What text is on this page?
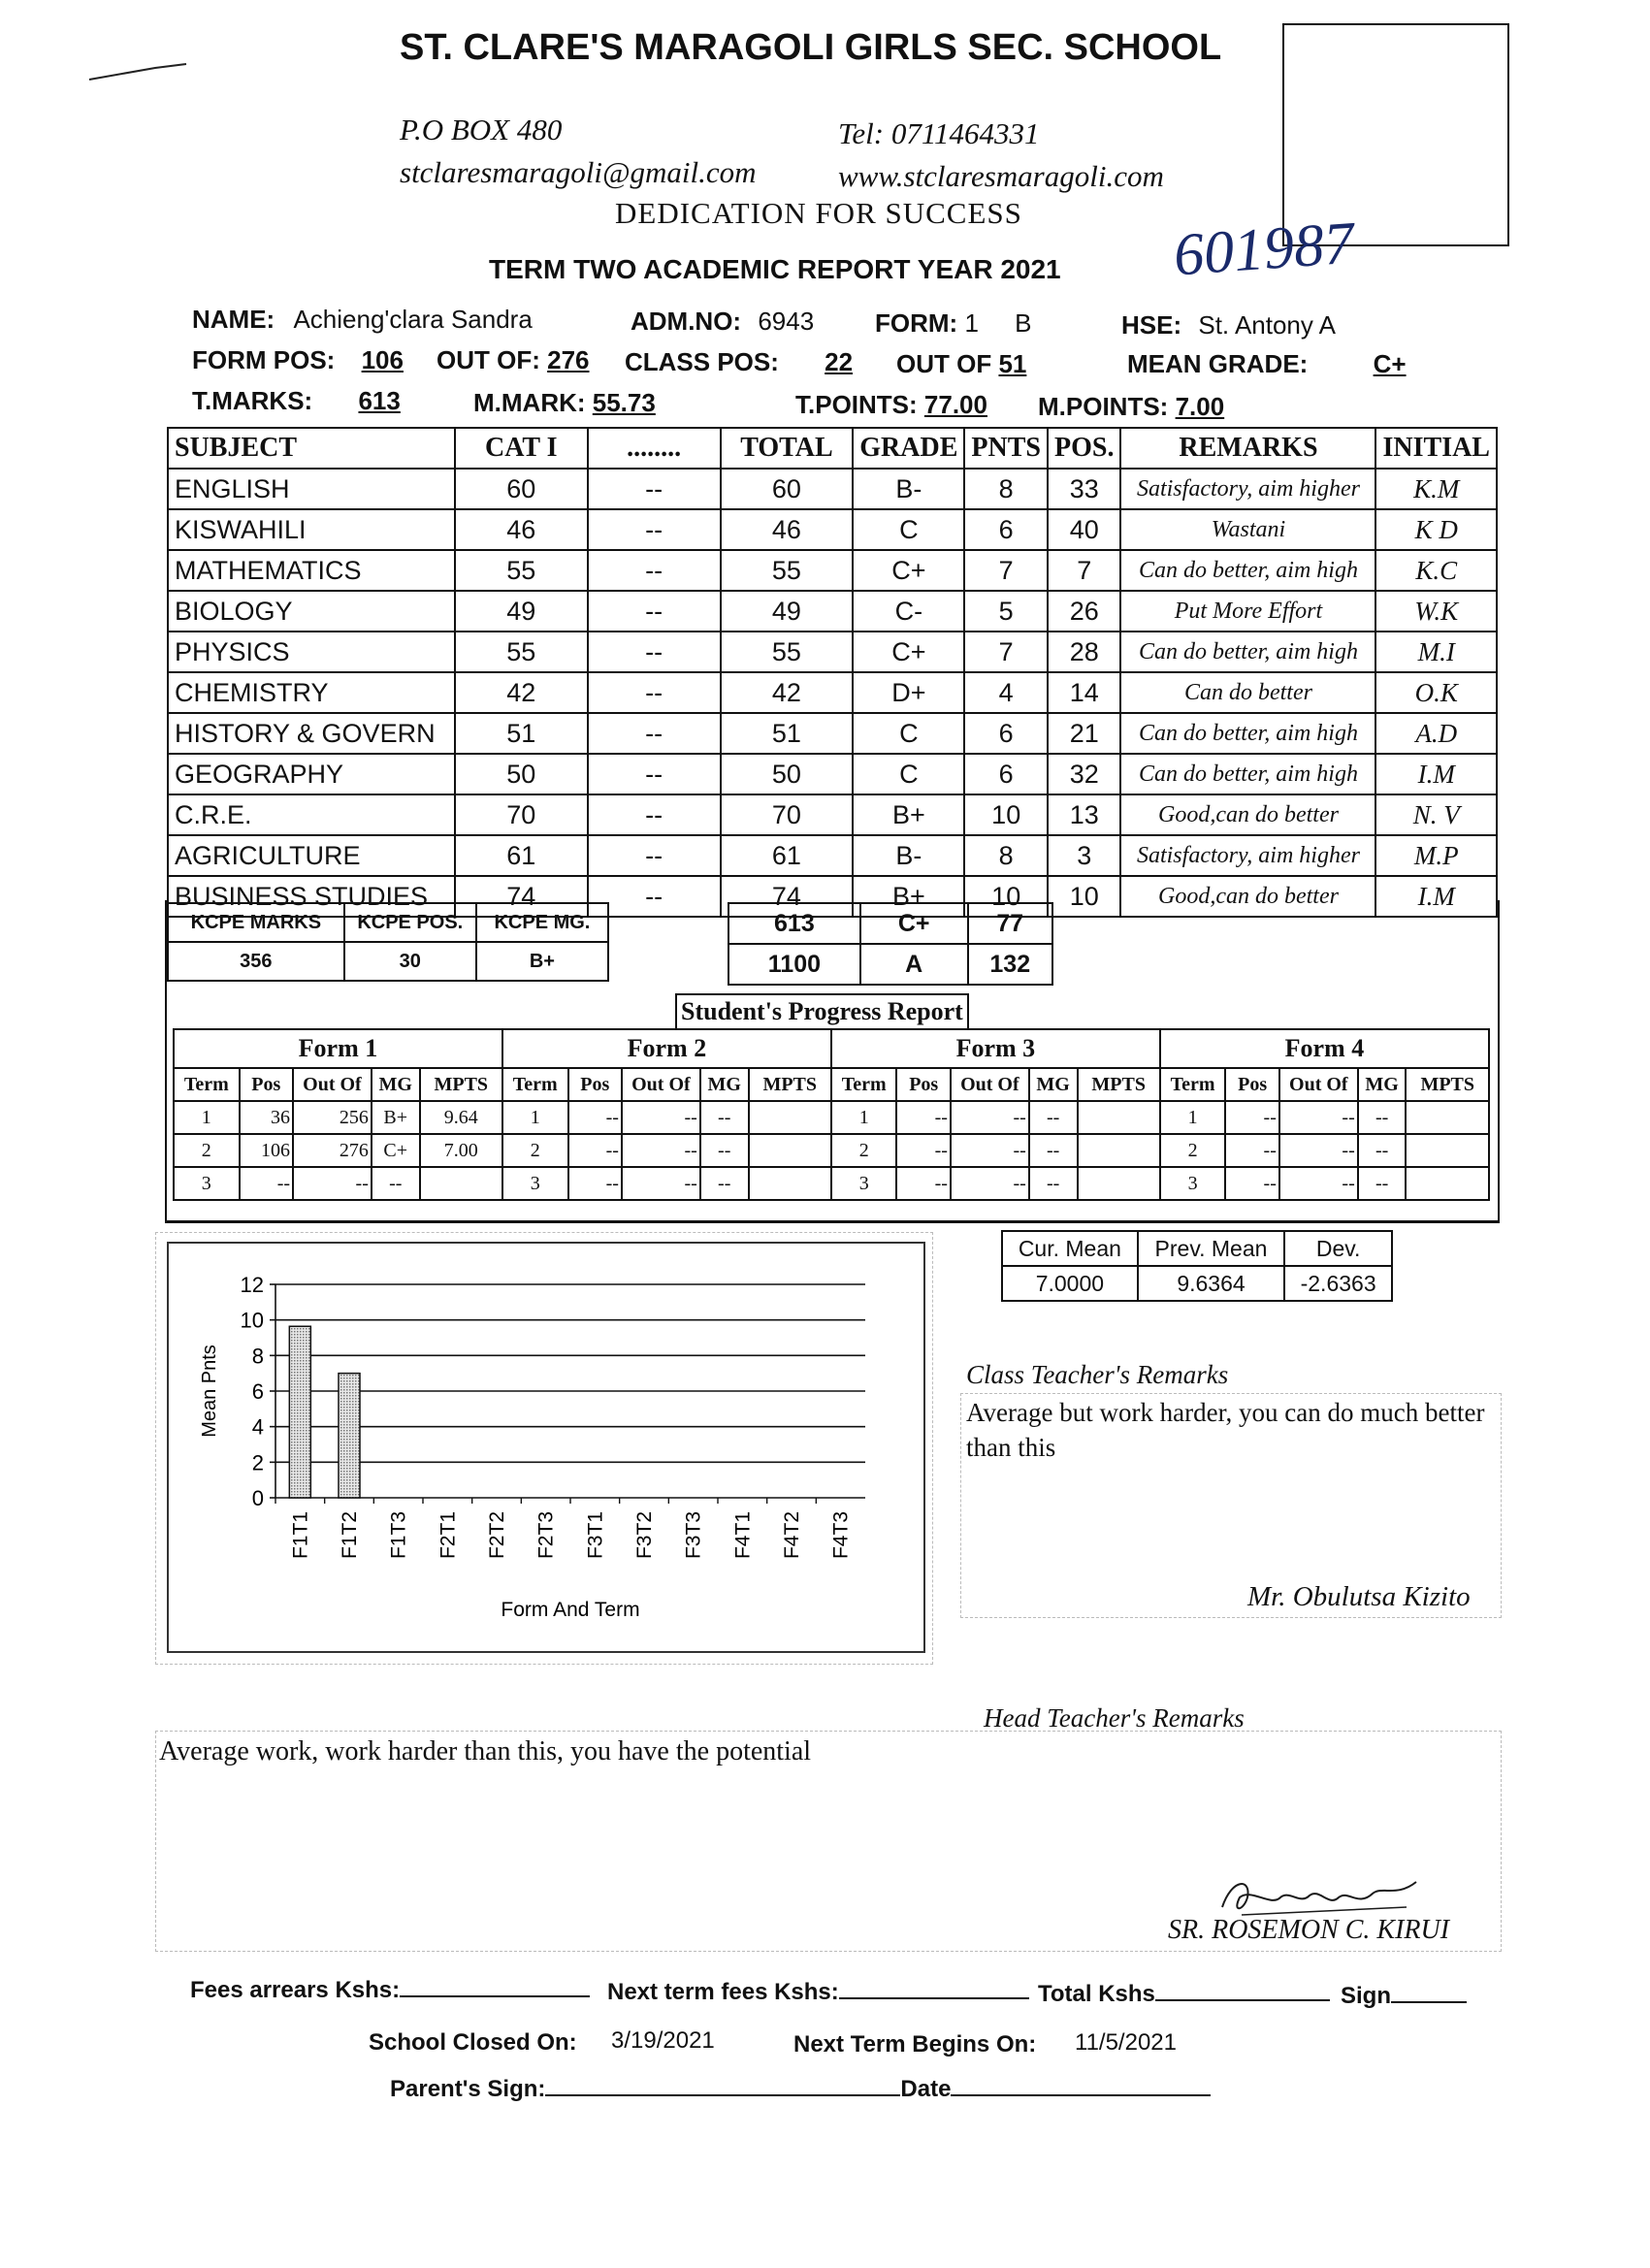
ST. CLARE'S MARAGOLI GIRLS SEC. SCHOOL
P.O BOX 480	Tel: 0711464331
stclaresmaragoli@gmail.com	www.stclaresmaragoli.com
DEDICATION FOR SUCCESS
TERM TWO ACADEMIC REPORT YEAR 2021 601987
NAME: Achieng'clara Sandra	ADM.NO: 6943 FORM: 1 B	HSE: St. Antony A
FORM POS: 106 OUT OF: 276 CLASS POS: 22 OUT OF 51	MEAN GRADE:	C+
T.MARKS: 613	M.MARK: 55.73	T.POINTS: 77.00 M.POINTS: 7.00
SUBJECT	CAT I	........	TOTAL	GRADE	PNTS	POS.	REMARKS	INITIAL
ENGLISH	60	--	60	B-	8	33	Satisfactory, aim higher	K.M
KISWAHILI	46	--	46	C	6	40	Wastani	K D
MATHEMATICS	55	--	55	C+	7	7	Can do better, aim high	K.C
BIOLOGY	49	--	49	C-	5	26	Put More Effort	W.K
PHYSICS	55	--	55	C+	7	28	Can do better, aim high	M.I
CHEMISTRY	42	--	42	D+	4	14	Can do better	O.K
HISTORY & GOVERN	51	--	51	C	6	21	Can do better, aim high	A.D
GEOGRAPHY	50	--	50	C	6	32	Can do better, aim high	I.M
C.R.E.	70	--	70	B+	10	13	Good,can do better	N. V
AGRICULTURE	61	--	61	B-	8	3	Satisfactory, aim higher	M.P
BUSINESS STUDIES	74	--	74	B+	10	10	Good,can do better	I.M
KCPE MARKS	KCPE POS.	KCPE MG.
356	30	B+
613	C+	77
1100	A	132
Student's Progress Report
Form 1					Form 2					Form 3					Form 4				
Term	Pos	Out Of	MG	MPTS	Term	Pos	Out Of	MG	MPTS	Term	Pos	Out Of	MG	MPTS	Term	Pos	Out Of	MG	MPTS
1	36	256	B+	9.64	1	--	--	--		1	--	--	--		1	--	--	--	
2	106	276	C+	7.00	2	--	--	--		2	--	--	--		2	--	--	--	
3	--	--	--		3	--	--	--		3	--	--	--		3	--	--	--	
Cur. Mean	Prev. Mean	Dev.
7.0000	9.6364	-2.6363
0
2
4
6
8
10
12
F1T1 F1T2 F1T3 F2T1 F2T2 F2T3 F3T1 F3T2 F3T3 F4T1 F4T2 F4T3
Mean Pnts
Form And Term
Class Teacher's Remarks
Average but work harder, you can do much better than this
Mr. Obulutsa Kizito
Head Teacher's Remarks
Average work, work harder than this, you have the potential
SR. ROSEMON C. KIRUI
Fees arrears Kshs:	Next term fees Kshs:	Total Kshs	Sign
School Closed On: 3/19/2021	Next Term Begins On: 11/5/2021
Parent's Sign:	Date
